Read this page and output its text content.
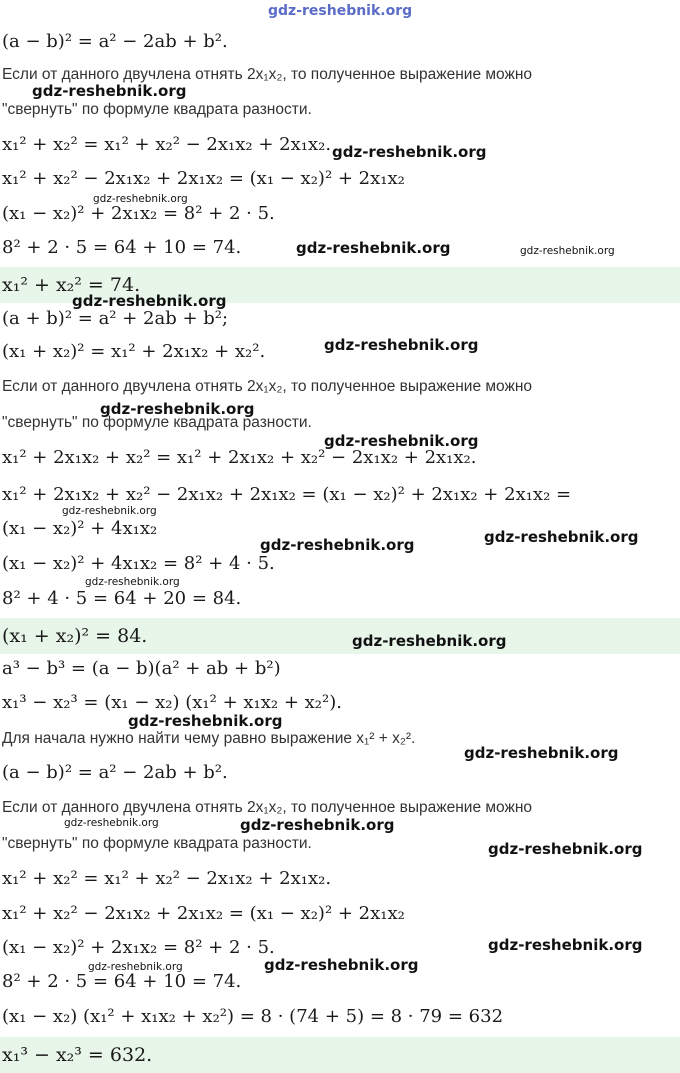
gdz-reshebnik.org
(a − b)² = a² − 2ab + b².
Если от данного двучлена отнять 2x₁x₂, то полученное выражение можно
"свернуть" по формуле квадрата разности.
x₁² + x₂² = x₁² + x₂² − 2x₁x₂ + 2x₁x₂.
x₁² + x₂² − 2x₁x₂ + 2x₁x₂ = (x₁ − x₂)² + 2x₁x₂
(x₁ − x₂)² + 2x₁x₂ = 8² + 2 · 5.
8² + 2 · 5 = 64 + 10 = 74.
x₁² + x₂² = 74.
(a + b)² = a² + 2ab + b²;
(x₁ + x₂)² = x₁² + 2x₁x₂ + x₂².
Если от данного двучлена отнять 2x₁x₂, то полученное выражение можно
"свернуть" по формуле квадрата разности.
x₁² + 2x₁x₂ + x₂² = x₁² + 2x₁x₂ + x₂² − 2x₁x₂ + 2x₁x₂.
x₁² + 2x₁x₂ + x₂² − 2x₁x₂ + 2x₁x₂ = (x₁ − x₂)² + 2x₁x₂ + 2x₁x₂ =
(x₁ − x₂)² + 4x₁x₂
(x₁ − x₂)² + 4x₁x₂ = 8² + 4 · 5.
8² + 4 · 5 = 64 + 20 = 84.
(x₁ + x₂)² = 84.
a³ − b³ = (a − b)(a² + ab + b²)
x₁³ − x₂³ = (x₁ − x₂) (x₁² + x₁x₂ + x₂²).
Для начала нужно найти чему равно выражение x₁² + x₂².
(a − b)² = a² − 2ab + b².
Если от данного двучлена отнять 2x₁x₂, то полученное выражение можно
"свернуть" по формуле квадрата разности.
x₁² + x₂² = x₁² + x₂² − 2x₁x₂ + 2x₁x₂.
x₁² + x₂² − 2x₁x₂ + 2x₁x₂ = (x₁ − x₂)² + 2x₁x₂
(x₁ − x₂)² + 2x₁x₂ = 8² + 2 · 5.
8² + 2 · 5 = 64 + 10 = 74.
(x₁ − x₂) (x₁² + x₁x₂ + x₂²) = 8 · (74 + 5) = 8 · 79 = 632
x₁³ − x₂³ = 632.
gdz-reshebnik.org
gdz-reshebnik.org
gdz-reshebnik.org
gdz-reshebnik.org	gdz-reshebnik.org
gdz-reshebnik.org
gdz-reshebnik.org
gdz-reshebnik.org
gdz-reshebnik.org
gdz-reshebnik.org
gdz-reshebnik.org
gdz-reshebnik.org
gdz-reshebnik.org
gdz-reshebnik.org
gdz-reshebnik.org
gdz-reshebnik.org
gdz-reshebnik.org	gdz-reshebnik.org
gdz-reshebnik.org
gdz-reshebnik.org
gdz-reshebnik.org	gdz-reshebnik.org
